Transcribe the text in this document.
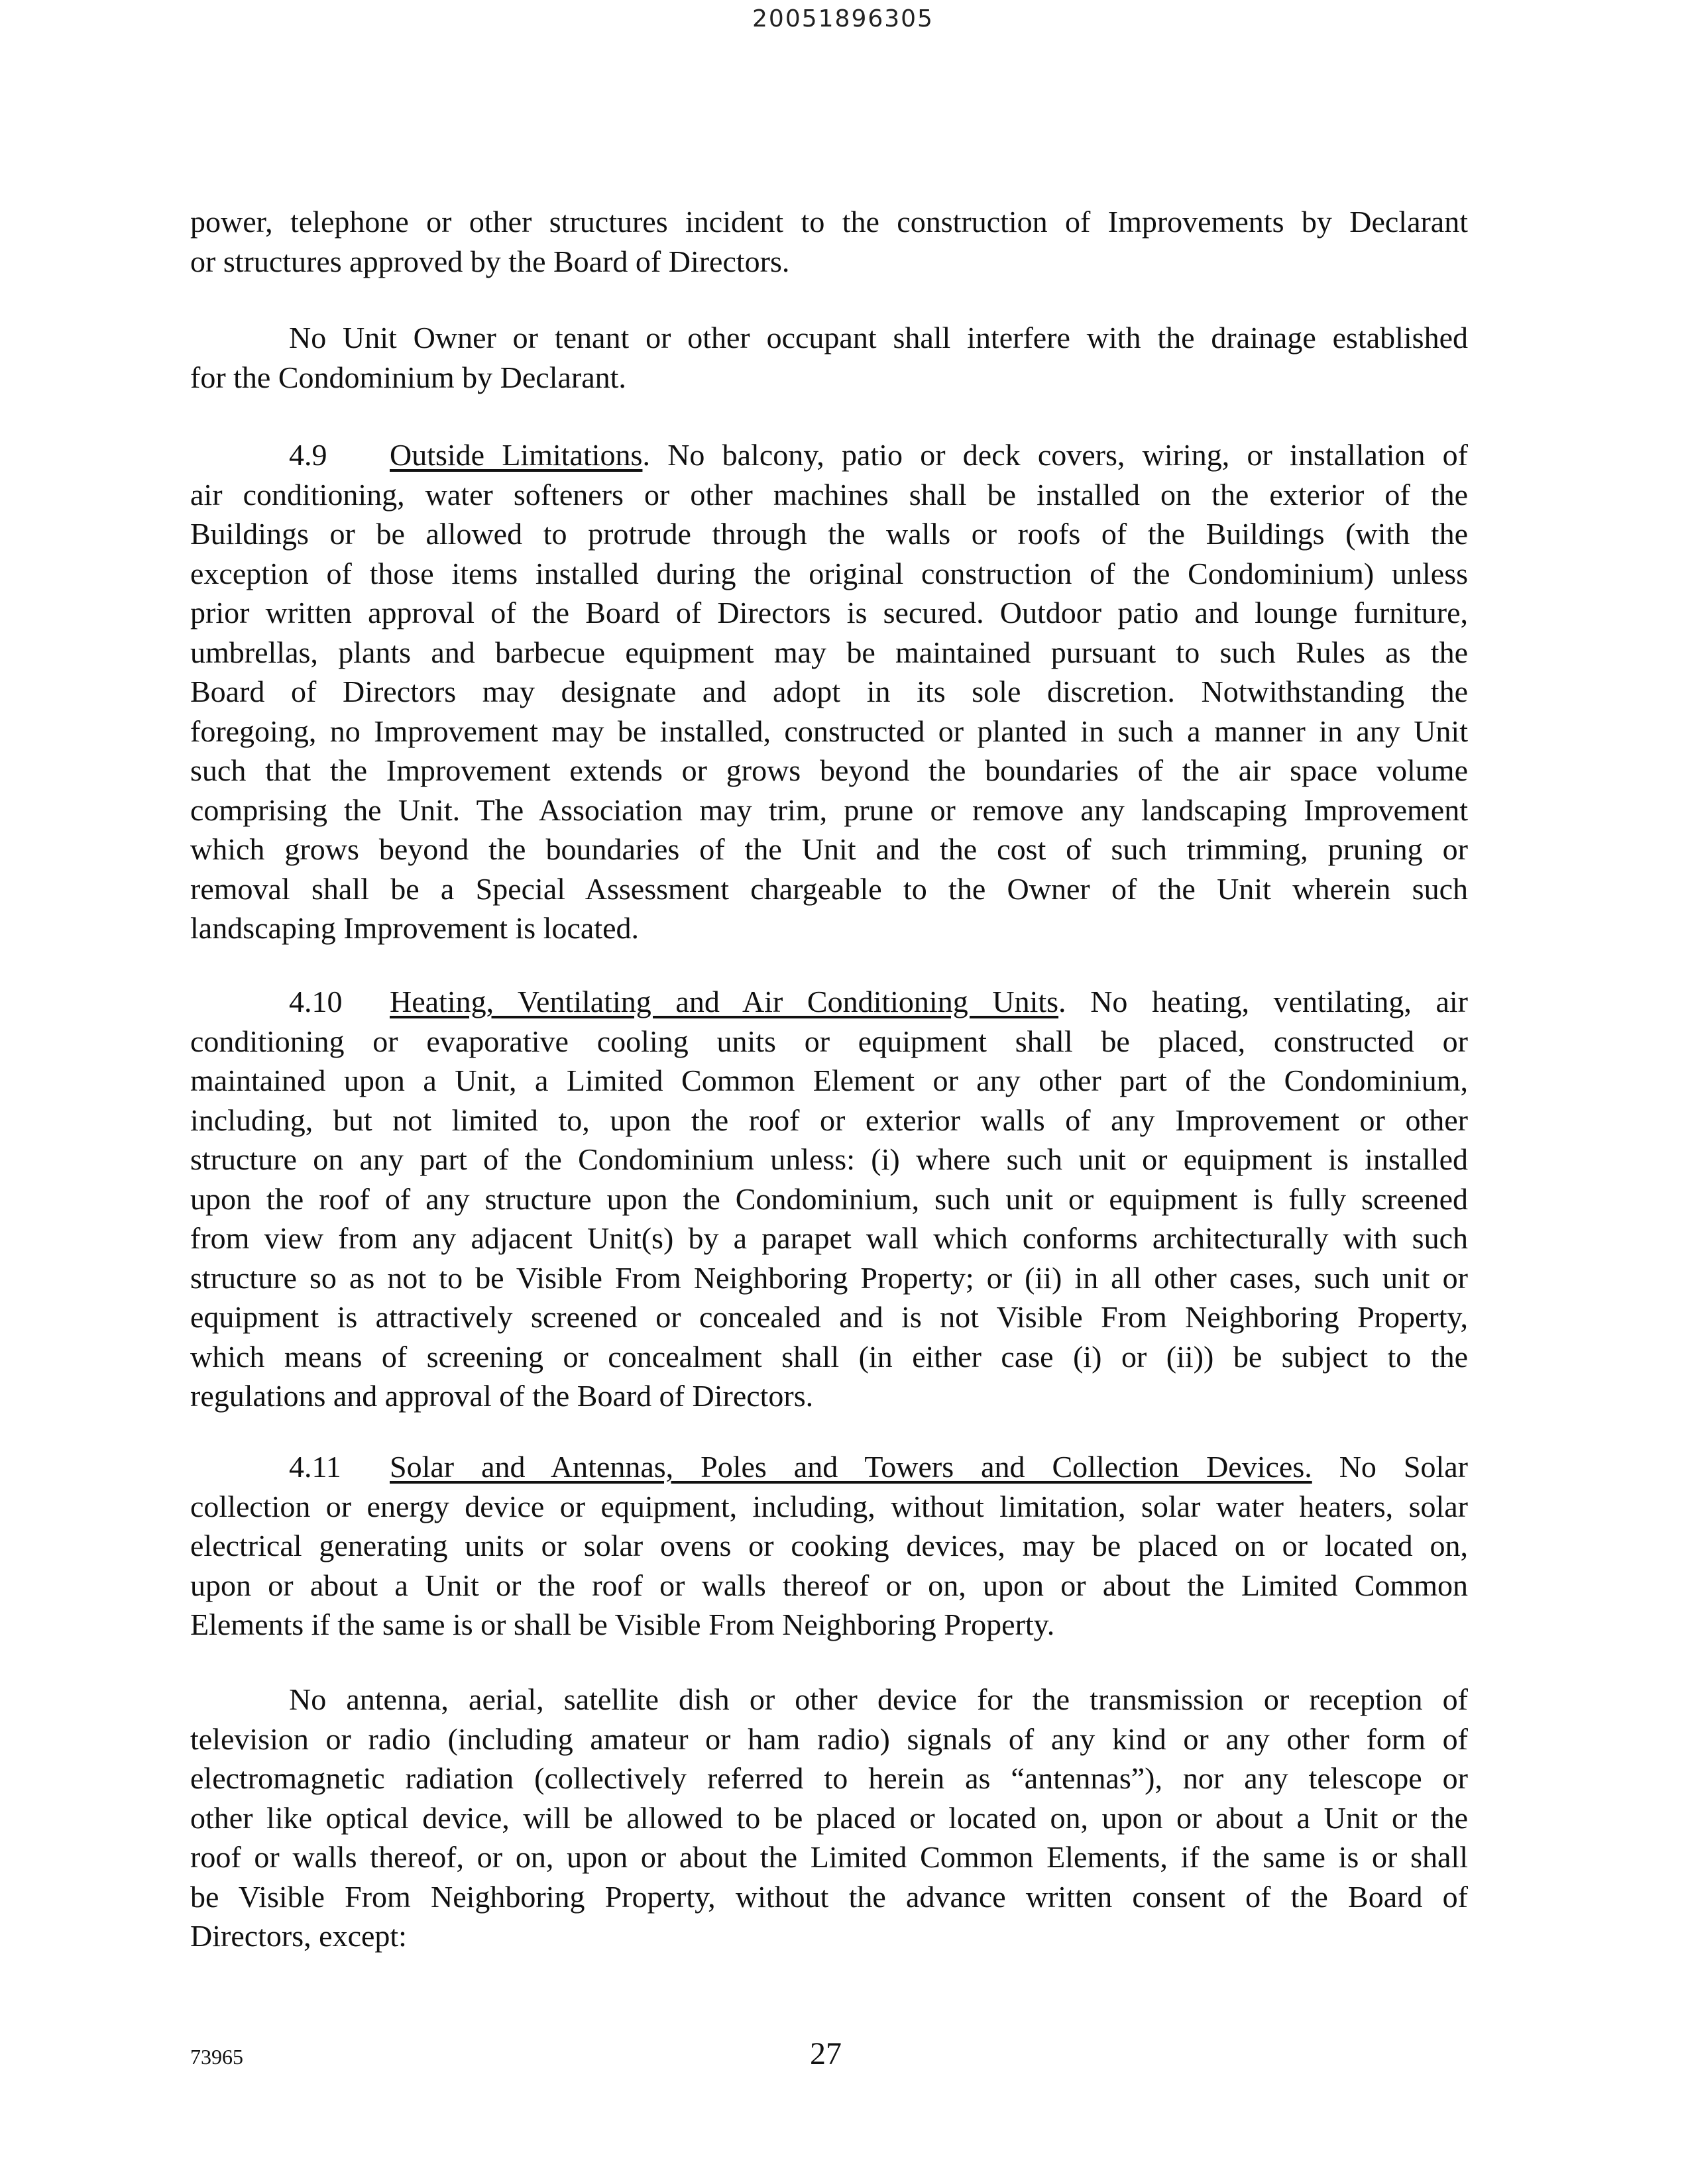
20051896305
power, telephone or other structures incident to the construction of Improvements by Declarant
or structures approved by the Board of Directors.
No Unit Owner or tenant or other occupant shall interfere with the drainage established
for the Condominium by Declarant.
4.9	Outside Limitations. No balcony, patio or deck covers, wiring, or installation of
air conditioning, water softeners or other machines shall be installed on the exterior of the
Buildings or be allowed to protrude through the walls or roofs of the Buildings (with the
exception of those items installed during the original construction of the Condominium) unless
prior written approval of the Board of Directors is secured. Outdoor patio and lounge furniture,
umbrellas, plants and barbecue equipment may be maintained pursuant to such Rules as the
Board of Directors may designate and adopt in its sole discretion. Notwithstanding the
foregoing, no Improvement may be installed, constructed or planted in such a manner in any Unit
such that the Improvement extends or grows beyond the boundaries of the air space volume
comprising the Unit. The Association may trim, prune or remove any landscaping Improvement
which grows beyond the boundaries of the Unit and the cost of such trimming, pruning or
removal shall be a Special Assessment chargeable to the Owner of the Unit wherein such
landscaping Improvement is located.
4.10	Heating, Ventilating and Air Conditioning Units. No heating, ventilating, air
conditioning or evaporative cooling units or equipment shall be placed, constructed or
maintained upon a Unit, a Limited Common Element or any other part of the Condominium,
including, but not limited to, upon the roof or exterior walls of any Improvement or other
structure on any part of the Condominium unless: (i) where such unit or equipment is installed
upon the roof of any structure upon the Condominium, such unit or equipment is fully screened
from view from any adjacent Unit(s) by a parapet wall which conforms architecturally with such
structure so as not to be Visible From Neighboring Property; or (ii) in all other cases, such unit or
equipment is attractively screened or concealed and is not Visible From Neighboring Property,
which means of screening or concealment shall (in either case (i) or (ii)) be subject to the
regulations and approval of the Board of Directors.
4.11	Solar and Antennas, Poles and Towers and Collection Devices. No Solar
collection or energy device or equipment, including, without limitation, solar water heaters, solar
electrical generating units or solar ovens or cooking devices, may be placed on or located on,
upon or about a Unit or the roof or walls thereof or on, upon or about the Limited Common
Elements if the same is or shall be Visible From Neighboring Property.
No antenna, aerial, satellite dish or other device for the transmission or reception of
television or radio (including amateur or ham radio) signals of any kind or any other form of
electromagnetic radiation (collectively referred to herein as “antennas”), nor any telescope or
other like optical device, will be allowed to be placed or located on, upon or about a Unit or the
roof or walls thereof, or on, upon or about the Limited Common Elements, if the same is or shall
be Visible From Neighboring Property, without the advance written consent of the Board of
Directors, except:
73965	27
